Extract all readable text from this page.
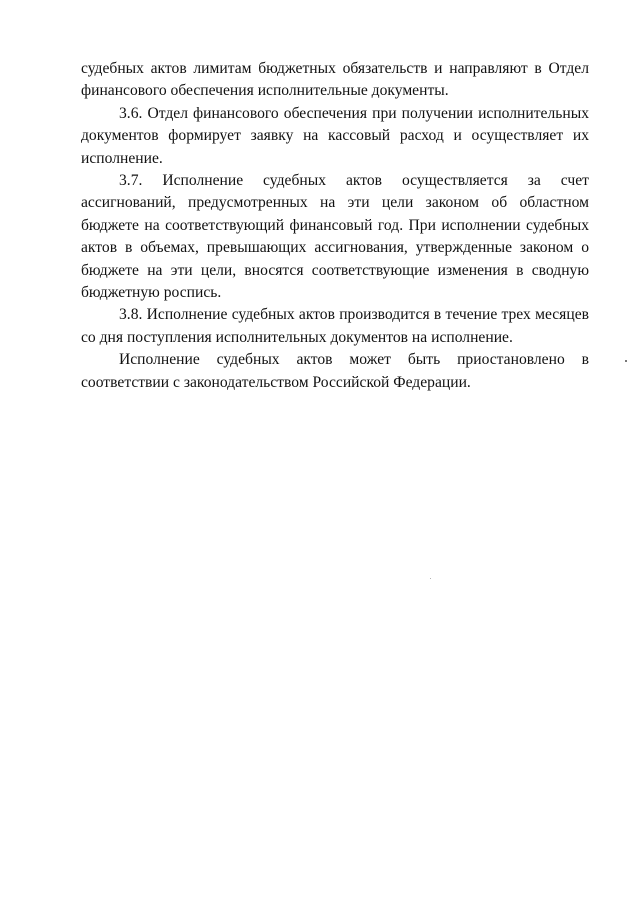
судебных актов лимитам бюджетных обязательств и направляют в Отдел финансового обеспечения исполнительные документы.

3.6. Отдел финансового обеспечения при получении исполнительных документов формирует заявку на кассовый расход и осуществляет их исполнение.

3.7. Исполнение судебных актов осуществляется за счет ассигнований, предусмотренных на эти цели законом об областном бюджете на соответствующий финансовый год. При исполнении судебных актов в объемах, превышающих ассигнования, утвержденные законом о бюджете на эти цели, вносятся соответствующие изменения в сводную бюджетную роспись.

3.8. Исполнение судебных актов производится в течение трех месяцев со дня поступления исполнительных документов на исполнение.

Исполнение судебных актов может быть приостановлено в соответствии с законодательством Российской Федерации.
